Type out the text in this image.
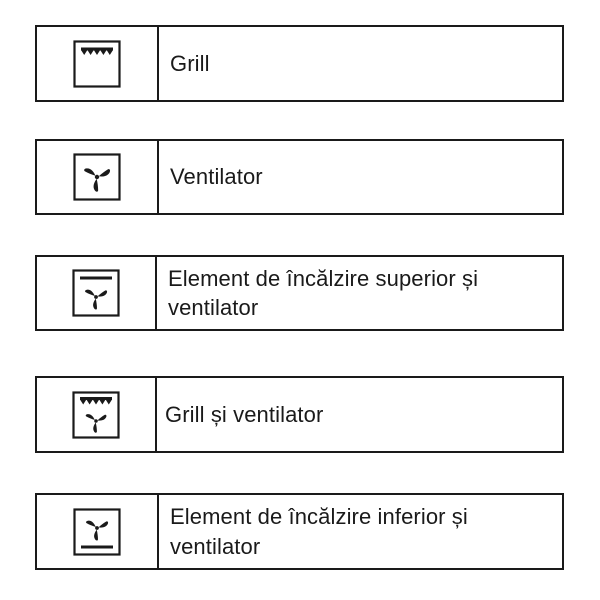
Grill
Ventilator
Element de încălzire superior și ventilator
Grill și ventilator
Element de încălzire inferior și ventilator
